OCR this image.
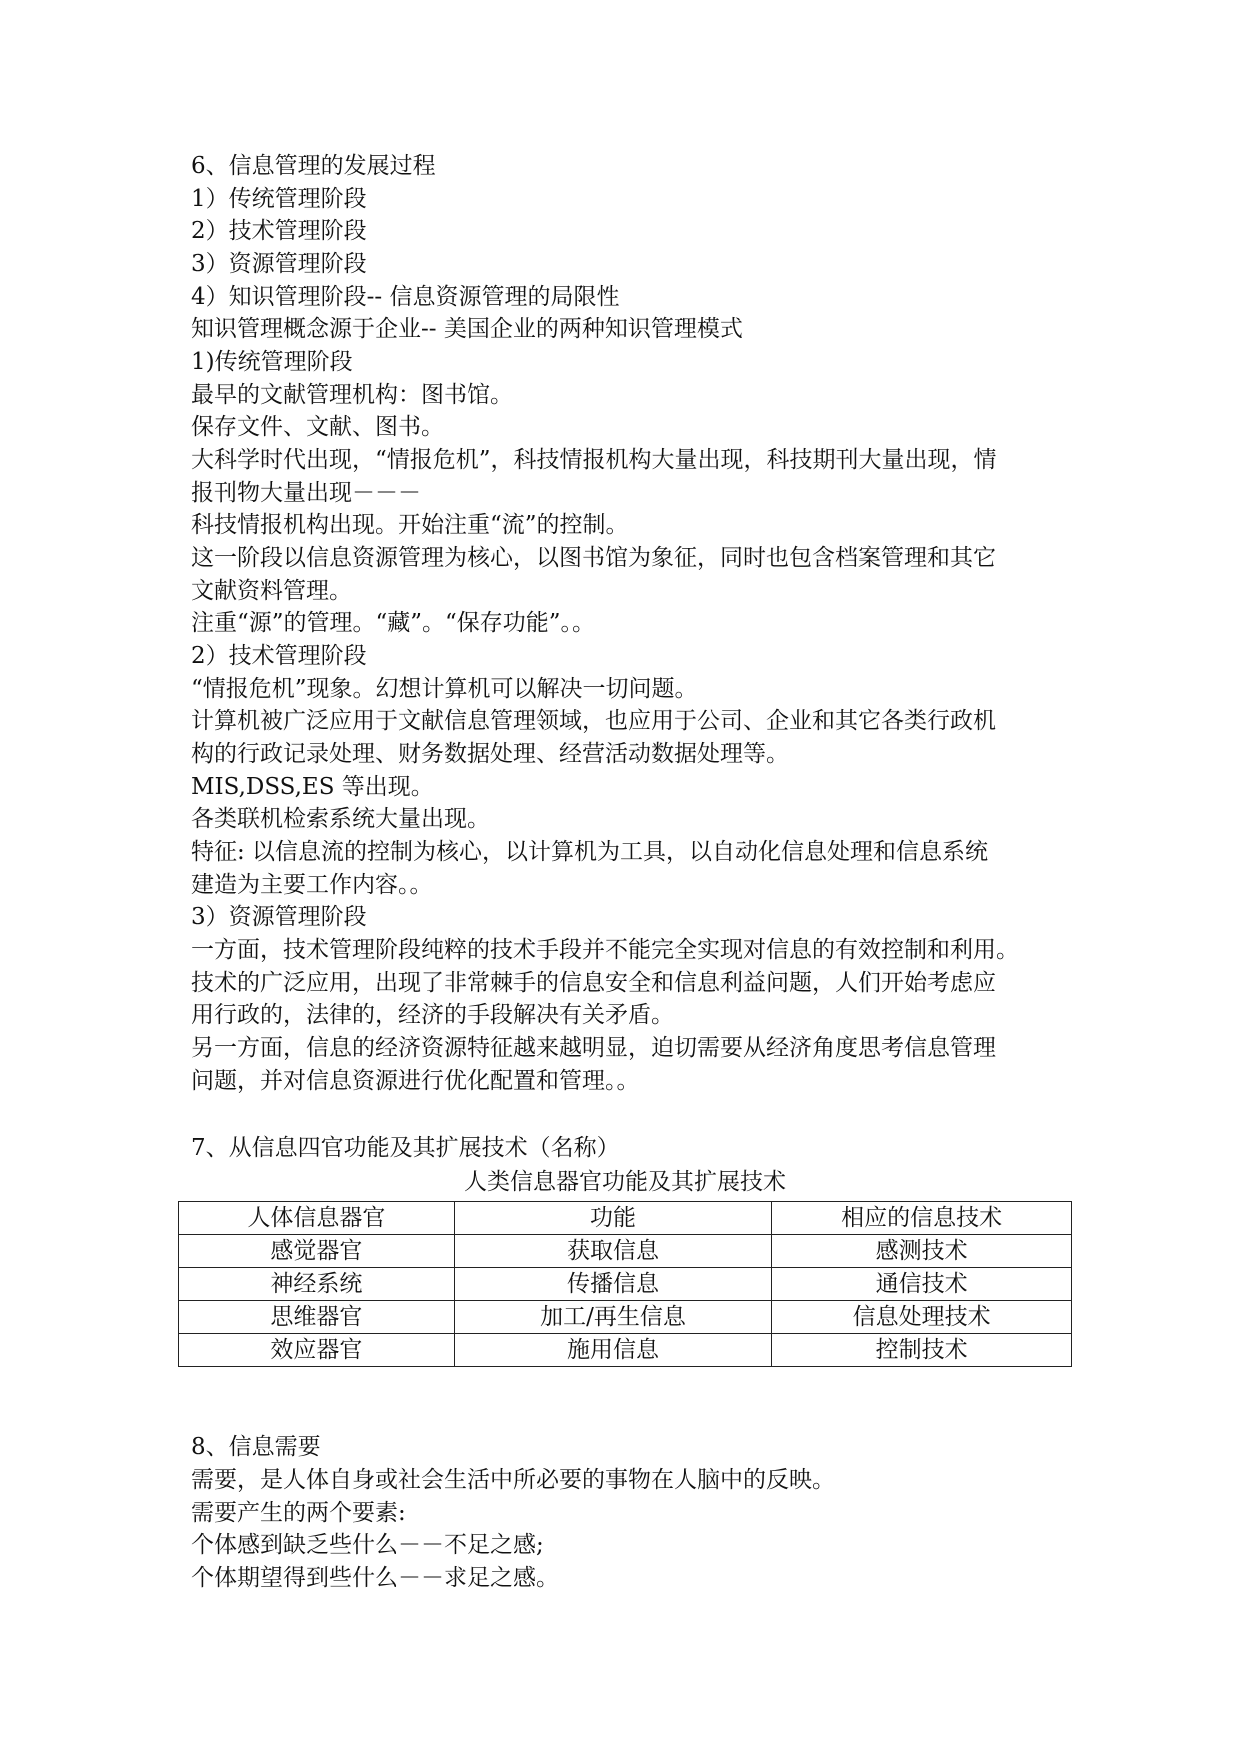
6、信息管理的发展过程
1）传统管理阶段
2）技术管理阶段
3）资源管理阶段
4）知识管理阶段-- 信息资源管理的局限性
知识管理概念源于企业-- 美国企业的两种知识管理模式
1)传统管理阶段
最早的文献管理机构：图书馆。
保存文件、文献、图书。
大科学时代出现，“情报危机”，科技情报机构大量出现，科技期刊大量出现，情
报刊物大量出现－－－
科技情报机构出现。开始注重“流”的控制。
这一阶段以信息资源管理为核心，以图书馆为象征，同时也包含档案管理和其它
文献资料管理。
注重“源”的管理。“藏”。“保存功能”。。
2）技术管理阶段
“情报危机”现象。幻想计算机可以解决一切问题。
计算机被广泛应用于文献信息管理领域，也应用于公司、企业和其它各类行政机
构的行政记录处理、财务数据处理、经营活动数据处理等。
MIS,DSS,ES 等出现。
各类联机检索系统大量出现。
特征: 以信息流的控制为核心，以计算机为工具，以自动化信息处理和信息系统
建造为主要工作内容。。
3）资源管理阶段
一方面，技术管理阶段纯粹的技术手段并不能完全实现对信息的有效控制和利用。
技术的广泛应用，出现了非常棘手的信息安全和信息利益问题，人们开始考虑应
用行政的，法律的，经济的手段解决有关矛盾。
另一方面，信息的经济资源特征越来越明显，迫切需要从经济角度思考信息管理
问题，并对信息资源进行优化配置和管理。。
7、从信息四官功能及其扩展技术（名称）
人类信息器官功能及其扩展技术
人体信息器官	功能	相应的信息技术
感觉器官	获取信息	感测技术
神经系统	传播信息	通信技术
思维器官	加工/再生信息	信息处理技术
效应器官	施用信息	控制技术
8、信息需要
需要，是人体自身或社会生活中所必要的事物在人脑中的反映。
需要产生的两个要素:
个体感到缺乏些什么－－不足之感;
个体期望得到些什么－－求足之感。
